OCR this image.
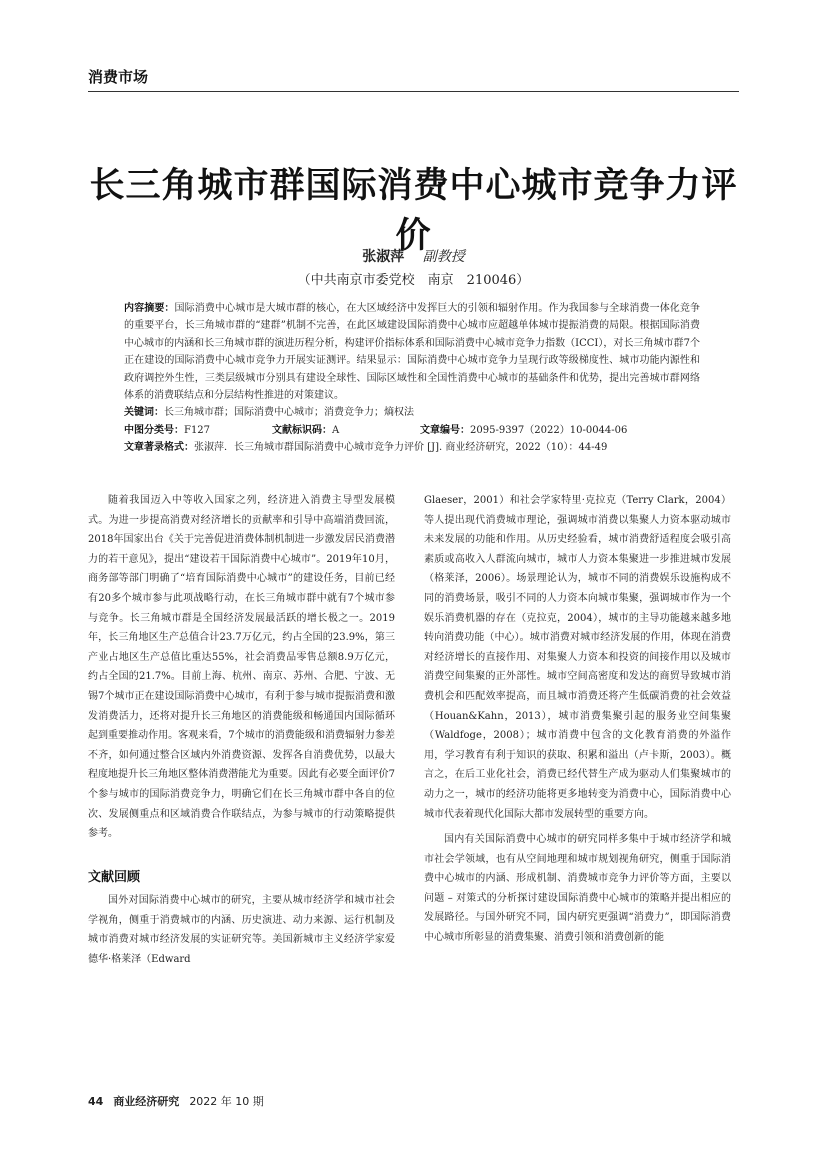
消费市场
长三角城市群国际消费中心城市竞争力评价
张淑萍 副教授
（中共南京市委党校　南京　210046）

内容摘要：国际消费中心城市是大城市群的核心，在大区域经济中发挥巨大的引领和辐射作用。作为我国参与全球消费一体化竞争的重要平台，长三角城市群的“建群”机制不完善，在此区域建设国际消费中心城市应超越单体城市提振消费的局限。根据国际消费中心城市的内涵和长三角城市群的演进历程分析，构建评价指标体系和国际消费中心城市竞争力指数（ICCI），对长三角城市群7个正在建设的国际消费中心城市竞争力开展实证测评。结果显示：国际消费中心城市竞争力呈现行政等级梯度性、城市功能内源性和政府调控外生性，三类层级城市分别具有建设全球性、国际区域性和全国性消费中心城市的基础条件和优势，提出完善城市群网络体系的消费联结点和分层结构性推进的对策建议。

关键词：长三角城市群；国际消费中心城市；消费竞争力；熵权法

中图分类号：F127	文献标识码：A	文章编号：2095-9397（2022）10-0044-06

文章著录格式：张淑萍．长三角城市群国际消费中心城市竞争力评价 [J]. 商业经济研究，2022（10）：44-49

随着我国迈入中等收入国家之列，经济进入消费主导型发展模式。为进一步提高消费对经济增长的贡献率和引导中高端消费回流，2018年国家出台《关于完善促进消费体制机制进一步激发居民消费潜力的若干意见》，提出“建设若干国际消费中心城市”。2019年10月，商务部等部门明确了“培育国际消费中心城市”的建设任务，目前已经有20多个城市参与此项战略行动，在长三角城市群中就有7个城市参与竞争。长三角城市群是全国经济发展最活跃的增长极之一。2019年，长三角地区生产总值合计23.7万亿元，约占全国的23.9%，第三产业占地区生产总值比重达55%，社会消费品零售总额8.9万亿元，约占全国的21.7%。目前上海、杭州、南京、苏州、合肥、宁波、无锡7个城市正在建设国际消费中心城市，有利于参与城市提振消费和激发消费活力，还将对提升长三角地区的消费能级和畅通国内国际循环起到重要推动作用。客观来看，7个城市的消费能级和消费辐射力参差不齐，如何通过整合区域内外消费资源、发挥各自消费优势，以最大程度地提升长三角地区整体消费潜能尤为重要。因此有必要全面评价7个参与城市的国际消费竞争力，明确它们在长三角城市群中各自的位次、发展侧重点和区域消费合作联结点，为参与城市的行动策略提供参考。

文献回顾

国外对国际消费中心城市的研究，主要从城市经济学和城市社会学视角，侧重于消费城市的内涵、历史演进、动力来源、运行机制及城市消费对城市经济发展的实证研究等。美国新城市主义经济学家爱德华·格莱泽（Edward

Glaeser，2001）和社会学家特里·克拉克（Terry Clark，2004）等人提出现代消费城市理论，强调城市消费以集聚人力资本驱动城市未来发展的功能和作用。从历史经验看，城市消费舒适程度会吸引高素质或高收入人群流向城市，城市人力资本集聚进一步推进城市发展（格莱泽，2006）。场景理论认为，城市不同的消费娱乐设施构成不同的消费场景，吸引不同的人力资本向城市集聚，强调城市作为一个娱乐消费机器的存在（克拉克，2004），城市的主导功能越来越多地转向消费功能（中心）。城市消费对城市经济发展的作用，体现在消费对经济增长的直接作用、对集聚人力资本和投资的间接作用以及城市消费空间集聚的正外部性。城市空间高密度和发达的商贸导致城市消费机会和匹配效率提高，而且城市消费还将产生低碳消费的社会效益（Houan&Kahn，2013），城市消费集聚引起的服务业空间集聚（Waldfoge，2008）；城市消费中包含的文化教育消费的外溢作用，学习教育有利于知识的获取、积累和溢出（卢卡斯，2003）。概言之，在后工业化社会，消费已经代替生产成为驱动人们集聚城市的动力之一，城市的经济功能将更多地转变为消费中心，国际消费中心城市代表着现代化国际大都市发展转型的重要方向。

国内有关国际消费中心城市的研究同样多集中于城市经济学和城市社会学领域，也有从空间地理和城市规划视角研究，侧重于国际消费中心城市的内涵、形成机制、消费城市竞争力评价等方面，主要以问题 – 对策式的分析探讨建设国际消费中心城市的策略并提出相应的发展路径。与国外研究不同，国内研究更强调“消费力”，即国际消费中心城市所彰显的消费集聚、消费引领和消费创新的能

44 商业经济研究 2022 年 10 期
